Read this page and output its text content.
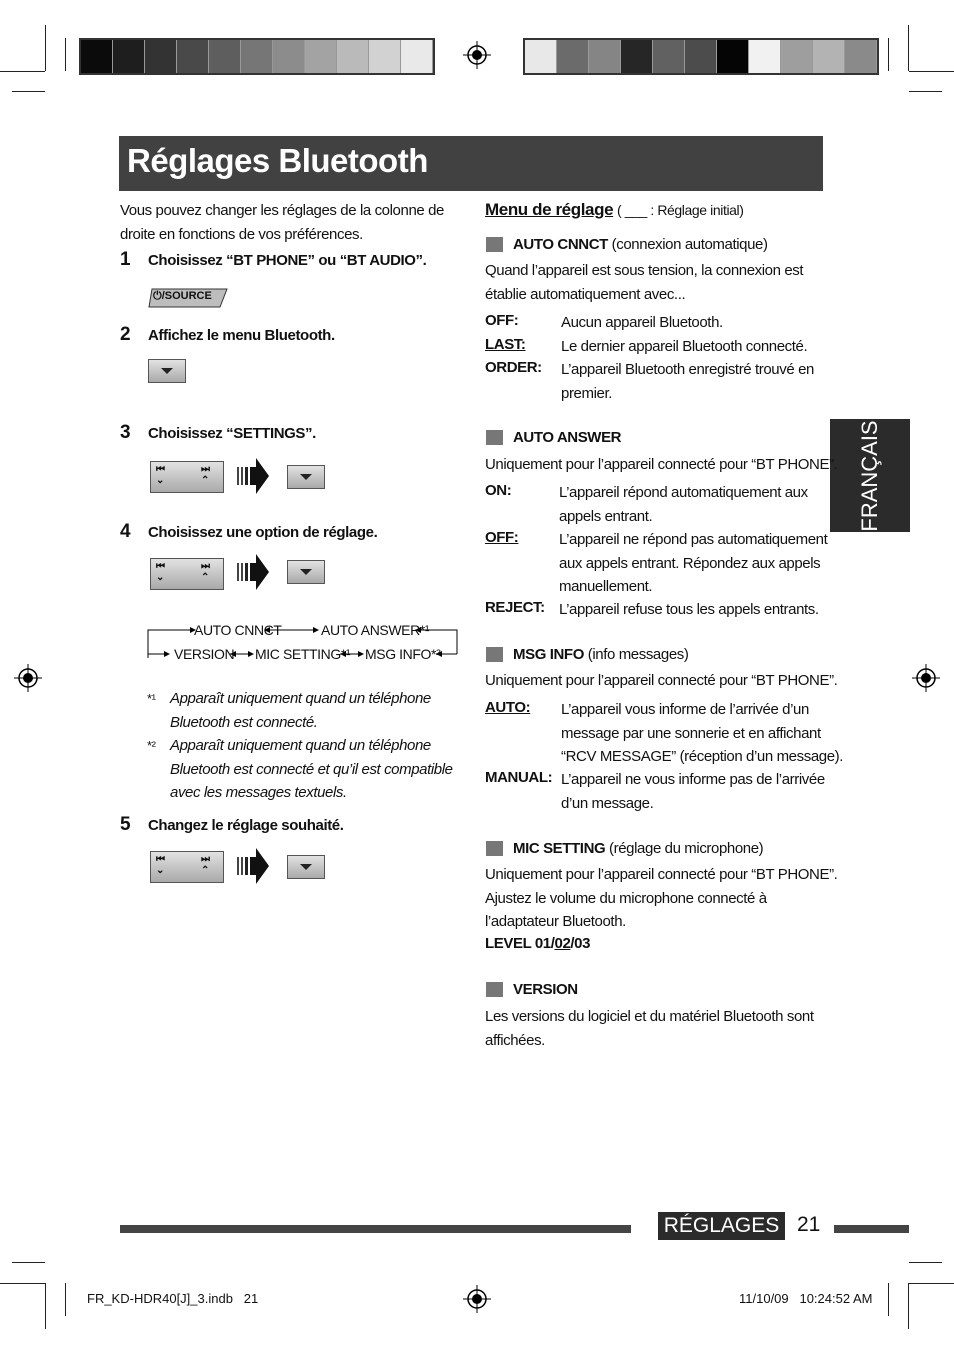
Réglages Bluetooth
FRANÇAIS
Vous pouvez changer les réglages de la colonne de
droite en fonctions de vos préférences.
1 Choisissez “BT PHONE” ou “BT AUDIO”.
⏻/SOURCE
2 Affichez le menu Bluetooth.
3 Choisissez “SETTINGS”.
⏮
⌄
⏭
⌃
4 Choisissez une option de réglage.
⏮
⌄
⏭
⌃
AUTO CNNCT	AUTO ANSWER*¹
VERSION MIC SETTING*¹ MSG INFO*²
*¹ Apparaît uniquement quand un téléphone
Bluetooth est connecté.
*² Apparaît uniquement quand un téléphone
Bluetooth est connecté et qu’il est compatible
avec les messages textuels.
5 Changez le réglage souhaité.
⏮
⌄
⏭
⌃
Menu de réglage ( ___ : Réglage initial)
AUTO CNNCT (connexion automatique)
Quand l’appareil est sous tension, la connexion est
établie automatiquement avec...
OFF:	Aucun appareil Bluetooth.
LAST: Le dernier appareil Bluetooth connecté.
ORDER: L’appareil Bluetooth enregistré trouvé en
premier.
AUTO ANSWER
Uniquement pour l’appareil connecté pour “BT PHONE”.
ON:	L’appareil répond automatiquement aux
appels entrant.
OFF:	L’appareil ne répond pas automatiquement
aux appels entrant. Répondez aux appels
manuellement.
REJECT: L’appareil refuse tous les appels entrants.
MSG INFO (info messages)
Uniquement pour l’appareil connecté pour “BT PHONE”.
AUTO: L’appareil vous informe de l’arrivée d’un
message par une sonnerie et en affichant
“RCV MESSAGE” (réception d’un message).
MANUAL: L’appareil ne vous informe pas de l’arrivée
d’un message.
MIC SETTING (réglage du microphone)
Uniquement pour l’appareil connecté pour “BT PHONE”.
Ajustez le volume du microphone connecté à
l’adaptateur Bluetooth.
LEVEL 01/02/03
VERSION
Les versions du logiciel et du matériel Bluetooth sont
affichées.
RÉGLAGES 21
FR_KD-HDR40[J]_3.indb   21	11/10/09   10:24:52 AM
